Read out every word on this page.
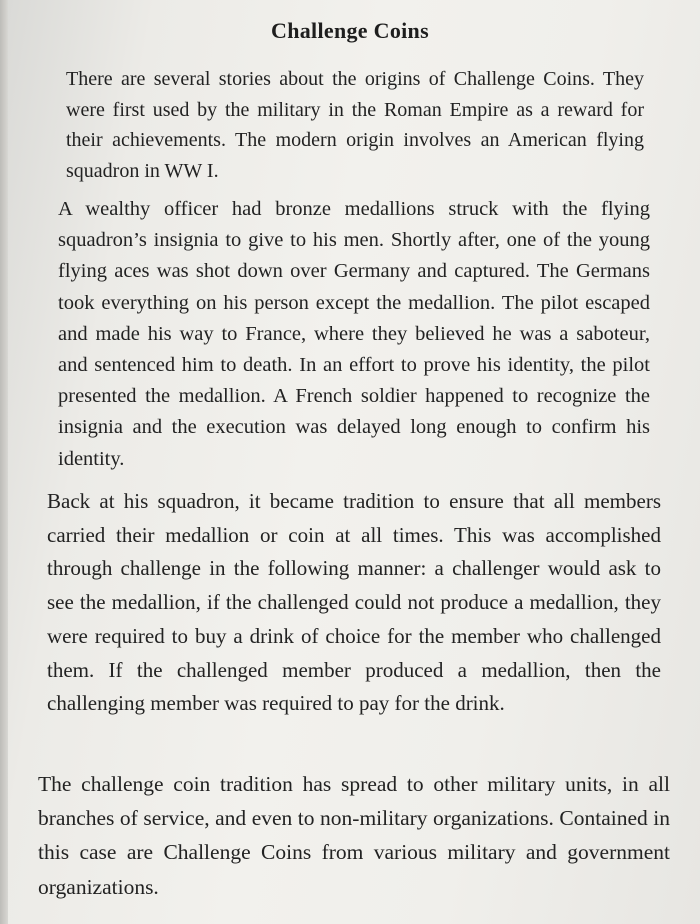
Challenge Coins

There are several stories about the origins of Challenge Coins. They were first used by the military in the Roman Empire as a reward for their achievements. The modern origin involves an American flying squadron in WW I.

A wealthy officer had bronze medallions struck with the flying squadron’s insignia to give to his men. Shortly after, one of the young flying aces was shot down over Germany and captured. The Germans took everything on his person except the medallion. The pilot escaped and made his way to France, where they believed he was a saboteur, and sentenced him to death. In an effort to prove his identity, the pilot presented the medallion. A French soldier happened to recognize the insignia and the execution was delayed long enough to confirm his identity.

Back at his squadron, it became tradition to ensure that all members carried their medallion or coin at all times. This was accomplished through challenge in the following manner: a challenger would ask to see the medallion, if the challenged could not produce a medallion, they were required to buy a drink of choice for the member who challenged them. If the challenged member produced a medallion, then the challenging member was required to pay for the drink.

The challenge coin tradition has spread to other military units, in all branches of service, and even to non-military organizations. Contained in this case are Challenge Coins from various military and government organizations.
